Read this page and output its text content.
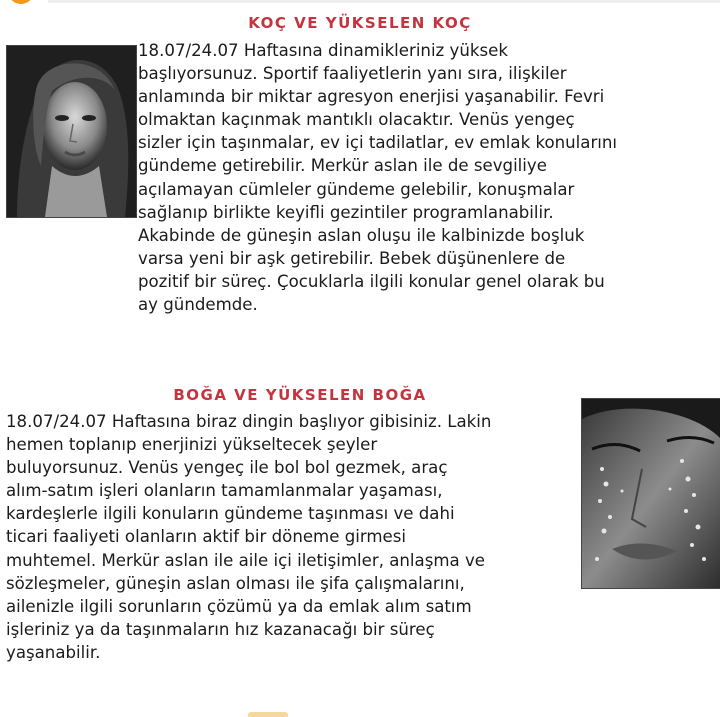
KOÇ VE YÜKSELEN KOÇ

18.07/24.07 Haftasına dinamikleriniz yüksek
başlıyorsunuz. Sportif faaliyetlerin yanı sıra, ilişkiler
anlamında bir miktar agresyon enerjisi yaşanabilir. Fevri
olmaktan kaçınmak mantıklı olacaktır. Venüs yengeç
sizler için taşınmalar, ev içi tadilatlar, ev emlak konularını
gündeme getirebilir. Merkür aslan ile de sevgiliye
açılamayan cümleler gündeme gelebilir, konuşmalar
sağlanıp birlikte keyifli gezintiler programlanabilir.
Akabinde de güneşin aslan oluşu ile kalbinizde boşluk
varsa yeni bir aşk getirebilir. Bebek düşünenlere de
pozitif bir süreç. Çocuklarla ilgili konular genel olarak bu
ay gündemde.

BOĞA VE YÜKSELEN BOĞA

18.07/24.07 Haftasına biraz dingin başlıyor gibisiniz. Lakin
hemen toplanıp enerjinizi yükseltecek şeyler
buluyorsunuz. Venüs yengeç ile bol bol gezmek, araç
alım-satım işleri olanların tamamlanmalar yaşaması,
kardeşlerle ilgili konuların gündeme taşınması ve dahi
ticari faaliyeti olanların aktif bir döneme girmesi
muhtemel. Merkür aslan ile aile içi iletişimler, anlaşma ve
sözleşmeler, güneşin aslan olması ile şifa çalışmalarını,
ailenizle ilgili sorunların çözümü ya da emlak alım satım
işleriniz ya da taşınmaların hız kazanacağı bir süreç
yaşanabilir.
